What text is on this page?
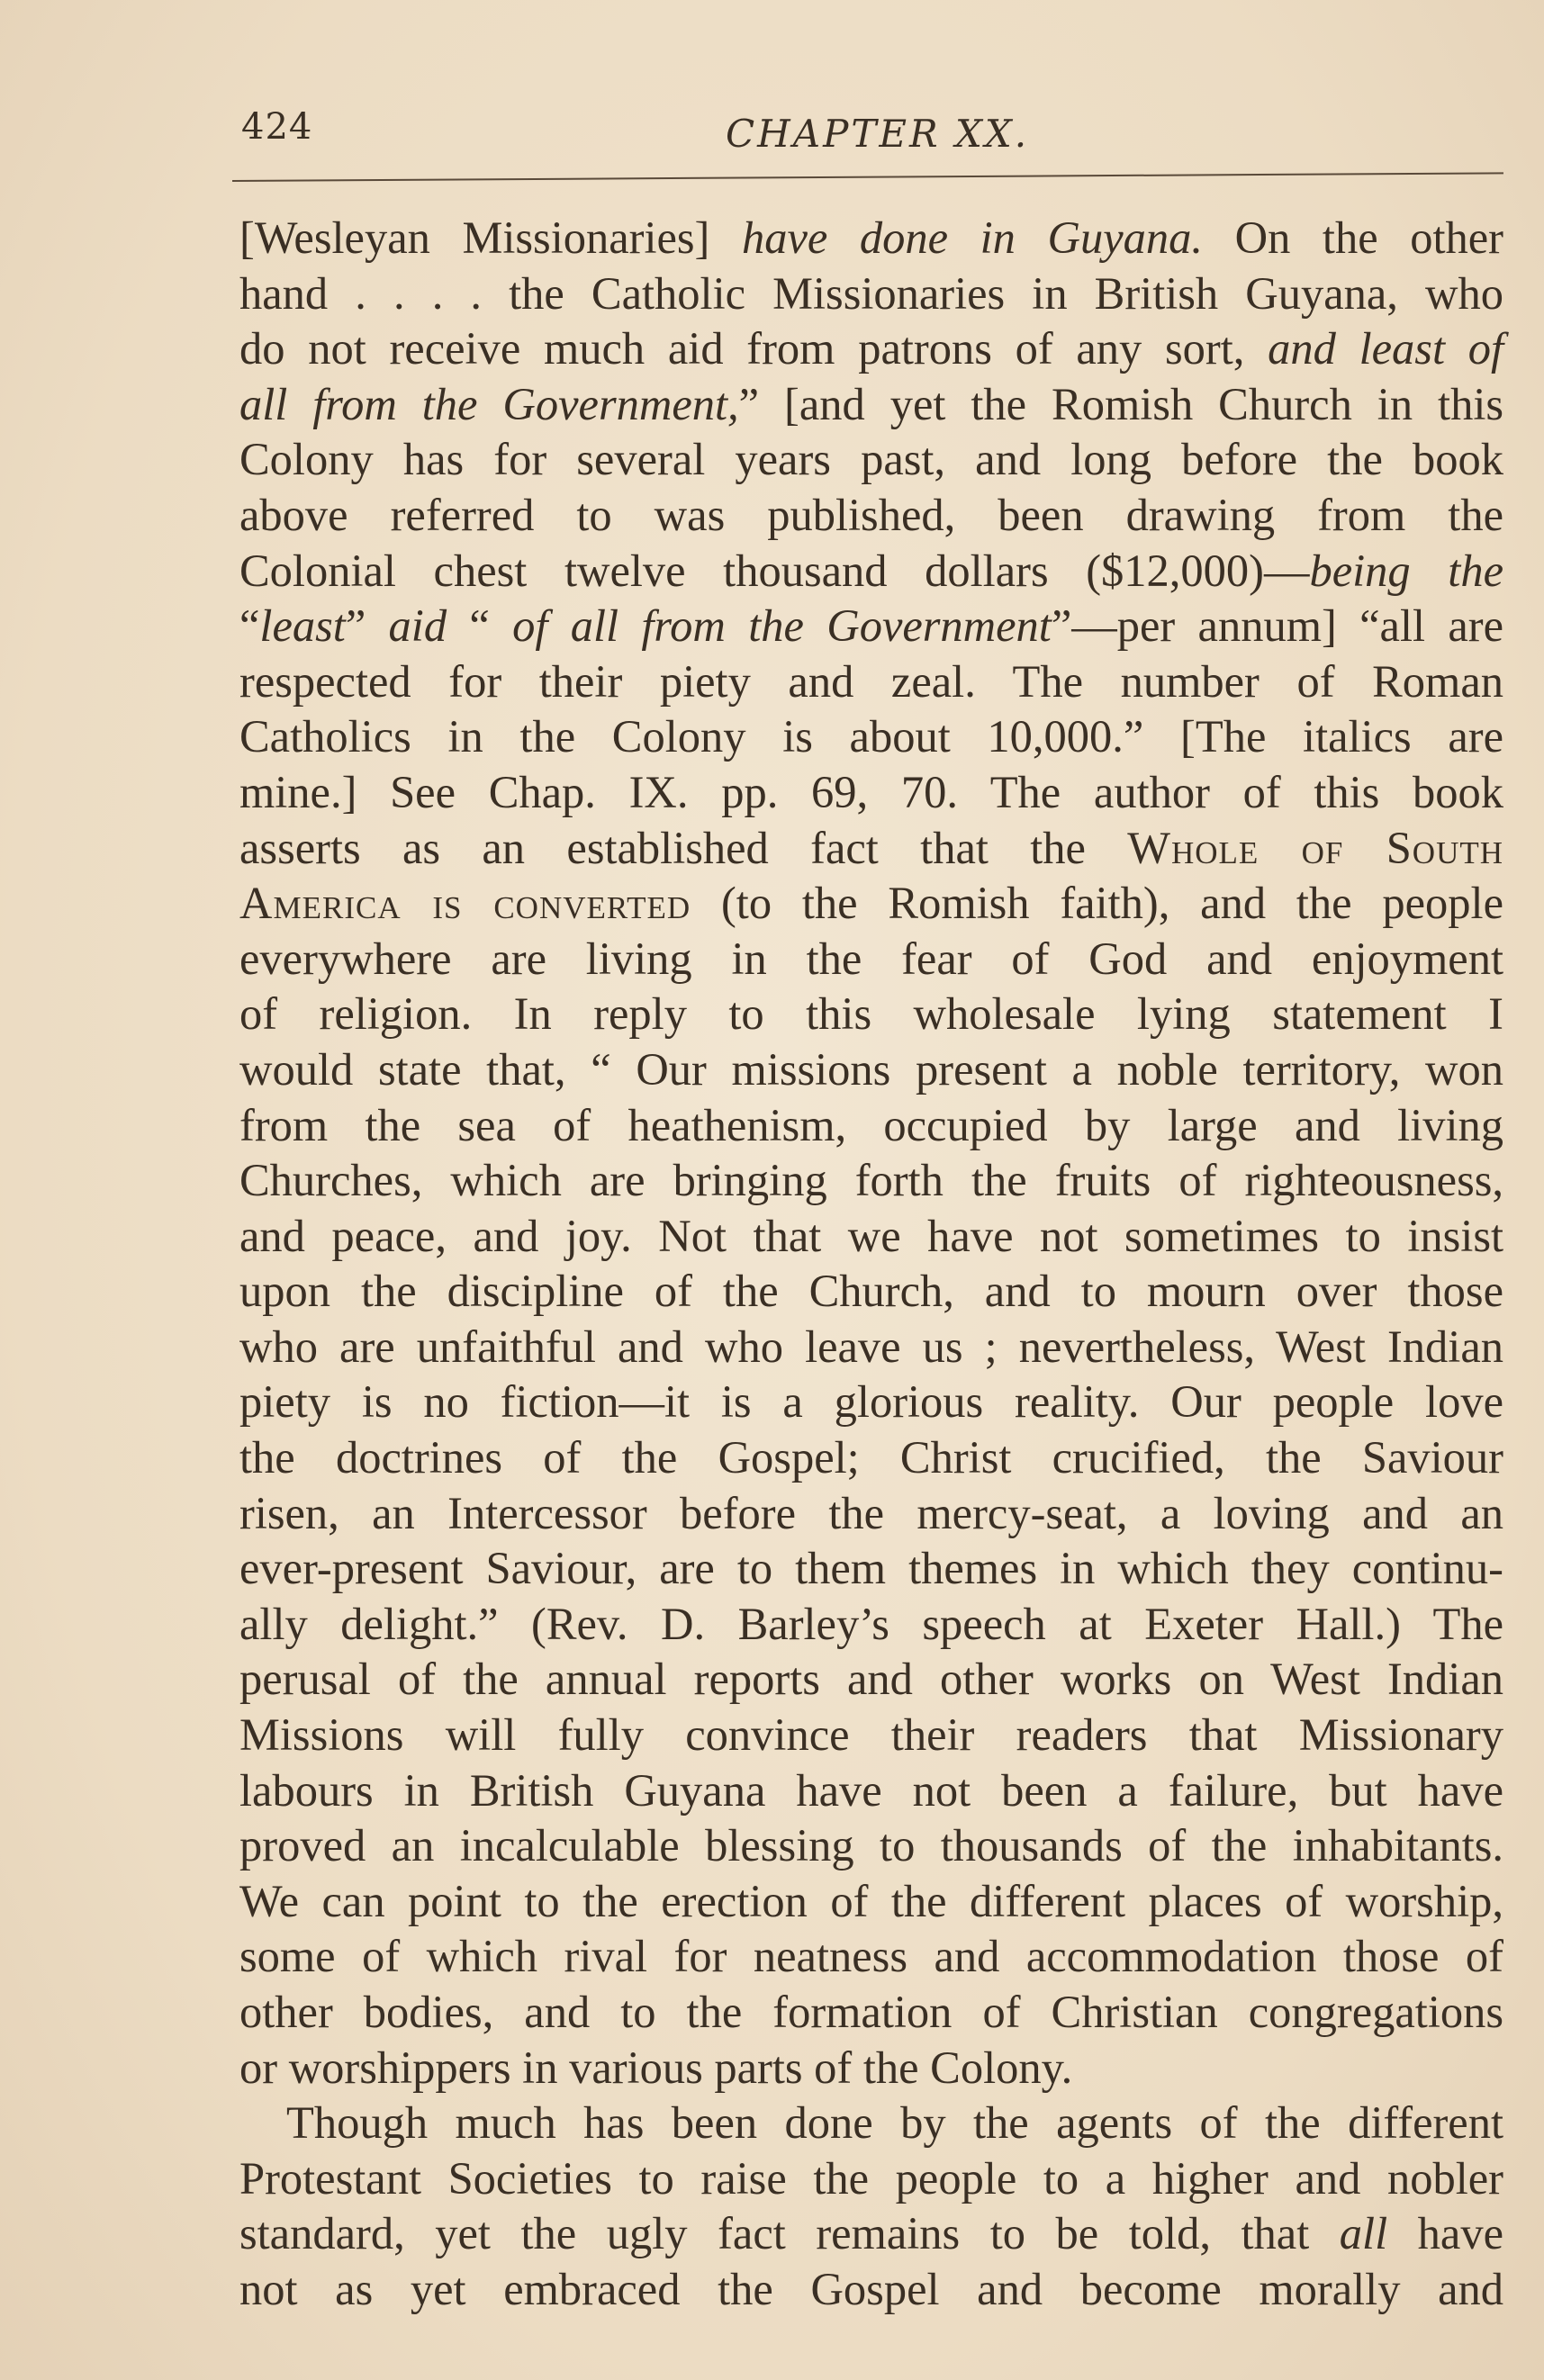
424	CHAPTER XX.
[Wesleyan Missionaries] have done in Guyana. On the other
hand . . . . the Catholic Missionaries in British Guyana, who
do not receive much aid from patrons of any sort, and least of
all from the Government,” [and yet the Romish Church in this
Colony has for several years past, and long before the book
above referred to was published, been drawing from the
Colonial chest twelve thousand dollars ($12,000)—being the
“least” aid “ of all from the Government”—per annum] “all are
respected for their piety and zeal. The number of Roman
Catholics in the Colony is about 10,000.” [The italics are
mine.] See Chap. IX. pp. 69, 70. The author of this book
asserts as an established fact that the Whole of South
America is converted (to the Romish faith), and the people
everywhere are living in the fear of God and enjoyment
of religion. In reply to this wholesale lying statement I
would state that, “ Our missions present a noble territory, won
from the sea of heathenism, occupied by large and living
Churches, which are bringing forth the fruits of righteousness,
and peace, and joy. Not that we have not sometimes to insist
upon the discipline of the Church, and to mourn over those
who are unfaithful and who leave us ; nevertheless, West Indian
piety is no fiction—it is a glorious reality. Our people love
the doctrines of the Gospel; Christ crucified, the Saviour
risen, an Intercessor before the mercy-seat, a loving and an
ever-present Saviour, are to them themes in which they continu-
ally delight.” (Rev. D. Barley’s speech at Exeter Hall.) The
perusal of the annual reports and other works on West Indian
Missions will fully convince their readers that Missionary
labours in British Guyana have not been a failure, but have
proved an incalculable blessing to thousands of the inhabitants.
We can point to the erection of the different places of worship,
some of which rival for neatness and accommodation those of
other bodies, and to the formation of Christian congregations
or worshippers in various parts of the Colony.
Though much has been done by the agents of the different
Protestant Societies to raise the people to a higher and nobler
standard, yet the ugly fact remains to be told, that all have
not as yet embraced the Gospel and become morally and
